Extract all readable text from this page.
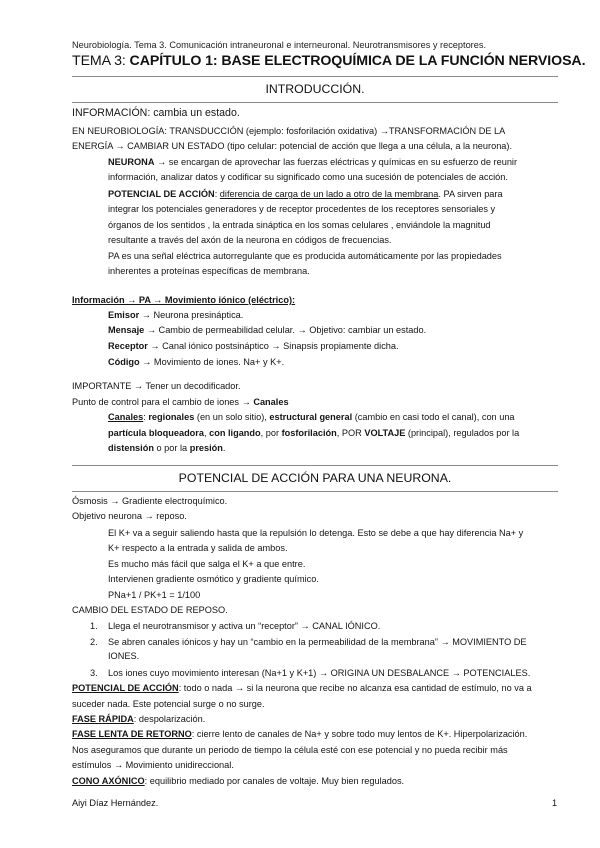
Neurobiología. Tema 3. Comunicación intraneuronal e interneuronal. Neurotransmisores y receptores.
TEMA 3: CAPÍTULO 1: BASE ELECTROQUÍMICA DE LA FUNCIÓN NERVIOSA.
INTRODUCCIÓN.
INFORMACIÓN: cambia un estado.
EN NEUROBIOLOGÍA: TRANSDUCCIÓN (ejemplo: fosforilación oxidativa) →TRANSFORMACIÓN DE LA
ENERGÍA → CAMBIAR UN ESTADO (tipo celular: potencial de acción que llega a una célula, a la neurona).
NEURONA → se encargan de aprovechar las fuerzas eléctricas y químicas en su esfuerzo de reunir
información, analizar datos y codificar su significado como una sucesión de potenciales de acción.
POTENCIAL DE ACCIÓN: diferencia de carga de un lado a otro de la membrana. PA sirven para
integrar los potenciales generadores y de receptor procedentes de los receptores sensoriales y
órganos de los sentidos , la entrada sináptica en los somas celulares , enviándole la magnitud
resultante a través del axón de la neurona en códigos de frecuencias.
PA es una señal eléctrica autorregulante que es producida automáticamente por las propiedades
inherentes a proteínas específicas de membrana.
Información → PA → Movimiento iónico (eléctrico):
Emisor → Neurona presináptica.
Mensaje → Cambio de permeabilidad celular. → Objetivo: cambiar un estado.
Receptor → Canal iónico postsináptico → Sinapsis propiamente dicha.
Código → Movimiento de iones. Na+ y K+.
IMPORTANTE → Tener un decodificador.
Punto de control para el cambio de iones → Canales
Canales: regionales (en un solo sitio), estructural general (cambio en casi todo el canal), con una
partícula bloqueadora, con ligando, por fosforilación, POR VOLTAJE (principal), regulados por la
distensión o por la presión.
POTENCIAL DE ACCIÓN PARA UNA NEURONA.
Ósmosis → Gradiente electroquímico.
Objetivo neurona → reposo.
El K+ va a seguir saliendo hasta que la repulsión lo detenga. Esto se debe a que hay diferencia Na+ y
K+ respecto a la entrada y salida de ambos.
Es mucho más fácil que salga el K+ a que entre.
Intervienen gradiente osmótico y gradiente químico.
PNa+1 / PK+1 = 1/100
CAMBIO DEL ESTADO DE REPOSO.
1. Llega el neurotransmisor y activa un “receptor” → CANAL IÓNICO.
2. Se abren canales iónicos y hay un “cambio en la permeabilidad de la membrana” → MOVIMIENTO DE
IONES.
3. Los iones cuyo movimiento interesan (Na+1 y K+1) → ORIGINA UN DESBALANCE → POTENCIALES.
POTENCIAL DE ACCIÓN: todo o nada → si la neurona que recibe no alcanza esa cantidad de estímulo, no va a
suceder nada. Este potencial surge o no surge.
FASE RÁPIDA: despolarización.
FASE LENTA DE RETORNO: cierre lento de canales de Na+ y sobre todo muy lentos de K+. Hiperpolarización.
Nos aseguramos que durante un periodo de tiempo la célula esté con ese potencial y no pueda recibir más
estímulos → Movimiento unidireccional.
CONO AXÓNICO: equilibrio mediado por canales de voltaje. Muy bien regulados.
Aiyi Díaz Hernández.	1
